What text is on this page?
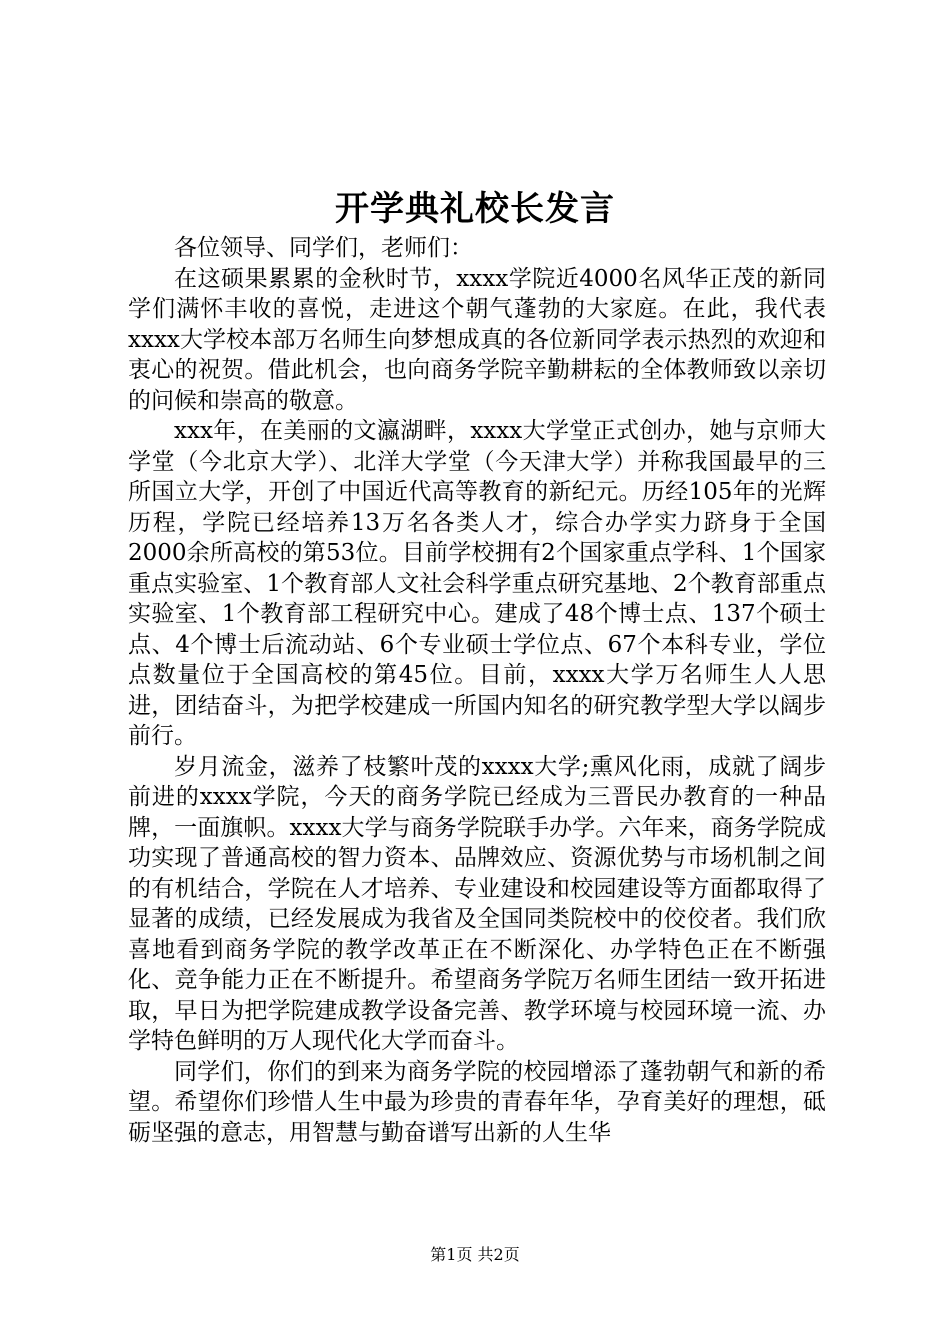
开学典礼校长发言

各位领导、同学们，老师们：

在这硕果累累的金秋时节，xxxx学院近4000名风华正茂的新同学们满怀丰收的喜悦，走进这个朝气蓬勃的大家庭。在此，我代表xxxx大学校本部万名师生向梦想成真的各位新同学表示热烈的欢迎和衷心的祝贺。借此机会，也向商务学院辛勤耕耘的全体教师致以亲切的问候和崇高的敬意。

xxx年，在美丽的文瀛湖畔，xxxx大学堂正式创办，她与京师大学堂（今北京大学）、北洋大学堂（今天津大学）并称我国最早的三所国立大学，开创了中国近代高等教育的新纪元。历经105年的光辉历程，学院已经培养13万名各类人才，综合办学实力跻身于全国2000余所高校的第53位。目前学校拥有2个国家重点学科、1个国家重点实验室、1个教育部人文社会科学重点研究基地、2个教育部重点实验室、1个教育部工程研究中心。建成了48个博士点、137个硕士点、4个博士后流动站、6个专业硕士学位点、67个本科专业，学位点数量位于全国高校的第45位。目前，xxxx大学万名师生人人思进，团结奋斗，为把学校建成一所国内知名的研究教学型大学以阔步前行。

岁月流金，滋养了枝繁叶茂的xxxx大学;熏风化雨，成就了阔步前进的xxxx学院，今天的商务学院已经成为三晋民办教育的一种品牌，一面旗帜。xxxx大学与商务学院联手办学。六年来，商务学院成功实现了普通高校的智力资本、品牌效应、资源优势与市场机制之间的有机结合，学院在人才培养、专业建设和校园建设等方面都取得了显著的成绩，已经发展成为我省及全国同类院校中的佼佼者。我们欣喜地看到商务学院的教学改革正在不断深化、办学特色正在不断强化、竞争能力正在不断提升。希望商务学院万名师生团结一致开拓进取，早日为把学院建成教学设备完善、教学环境与校园环境一流、办学特色鲜明的万人现代化大学而奋斗。

同学们，你们的到来为商务学院的校园增添了蓬勃朝气和新的希望。希望你们珍惜人生中最为珍贵的青春年华，孕育美好的理想，砥砺坚强的意志，用智慧与勤奋谱写出新的人生华

第1页 共2页
